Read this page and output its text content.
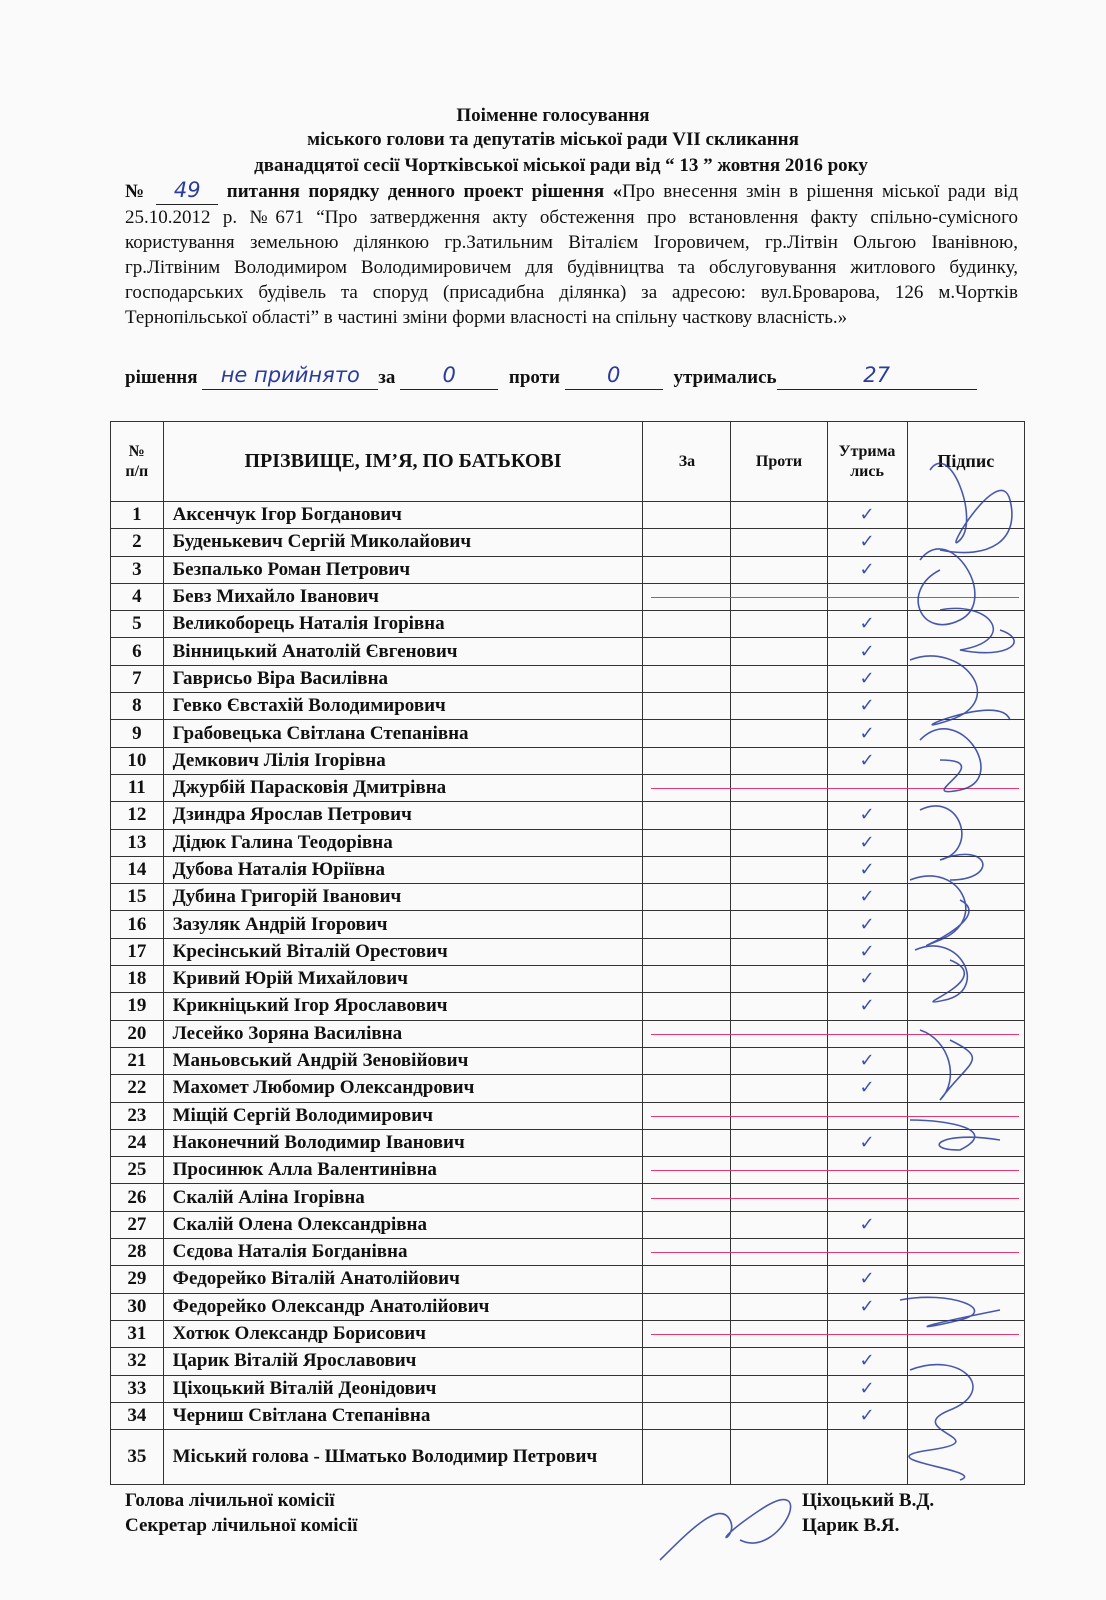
Поіменне голосування
міського голови та депутатів міської ради VII скликання
дванадцятої сесії Чортківської міської ради від “ 13 ” жовтня 2016 року
№ 49 питання порядку денного проект рішення «Про внесення змін в рішення міської ради від 25.10.2012 р. №671 “Про затвердження акту обстеження про встановлення факту спільно-сумісного користування земельною ділянкою гр.Затильним Віталієм Ігоровичем, гр.Літвін Ольгою Іванівною, гр.Літвіним Володимиром Володимировичем для будівництва та обслуговування житлового будинку, господарських будівель та споруд (присадибна ділянка) за адресою: вул.Броварова, 126 м.Чортків Тернопільської області” в частині зміни форми власності на спільну часткову власність.»
рішення не прийнято за 0	проти 0	утримались	27
№
п/п	ПРІЗВИЩЕ, ІМ’Я, ПО БАТЬКОВІ	За	Проти	Утрима
лись	Підпис
1	Аксенчук Ігор Богданович			✓	
2	Буденькевич Сергій Миколайович			✓	
3	Безпалько Роман Петрович			✓	
4	Бевз Михайло Іванович				
5	Великоборець Наталія Ігорівна			✓	
6	Вінницький Анатолій Євгенович			✓	
7	Гаврисьо Віра Василівна			✓	
8	Гевко Євстахій Володимирович			✓	
9	Грабовецька Світлана Степанівна			✓	
10	Демкович Лілія Ігорівна			✓	
11	Джурбій Парасковія Дмитрівна				
12	Дзиндра Ярослав Петрович			✓	
13	Дідюк Галина Теодорівна			✓	
14	Дубова Наталія Юріївна			✓	
15	Дубина Григорій Іванович			✓	
16	Зазуляк Андрій Ігорович			✓	
17	Кресінський Віталій Орестович			✓	
18	Кривий Юрій Михайлович			✓	
19	Крикніцький Ігор Ярославович			✓	
20	Лесейко Зоряна Василівна				
21	Маньовський Андрій Зеновійович			✓	
22	Махомет Любомир Олександрович			✓	
23	Міщій Сергій Володимирович				
24	Наконечний Володимир Іванович			✓	
25	Просинюк Алла Валентинівна				
26	Скалій Аліна Ігорівна				
27	Скалій Олена Олександрівна			✓	
28	Сєдова Наталія Богданівна				
29	Федорейко Віталій Анатолійович			✓	
30	Федорейко Олександр Анатолійович			✓	
31	Хотюк Олександр Борисович				
32	Царик Віталій Ярославович			✓	
33	Ціхоцький Віталій Деонідович			✓	
34	Черниш Світлана Степанівна			✓	
35	Міський голова - Шматько Володимир Петрович				
Голова лічильної комісії
Секретар лічильної комісії
Ціхоцький В.Д.
Царик В.Я.
